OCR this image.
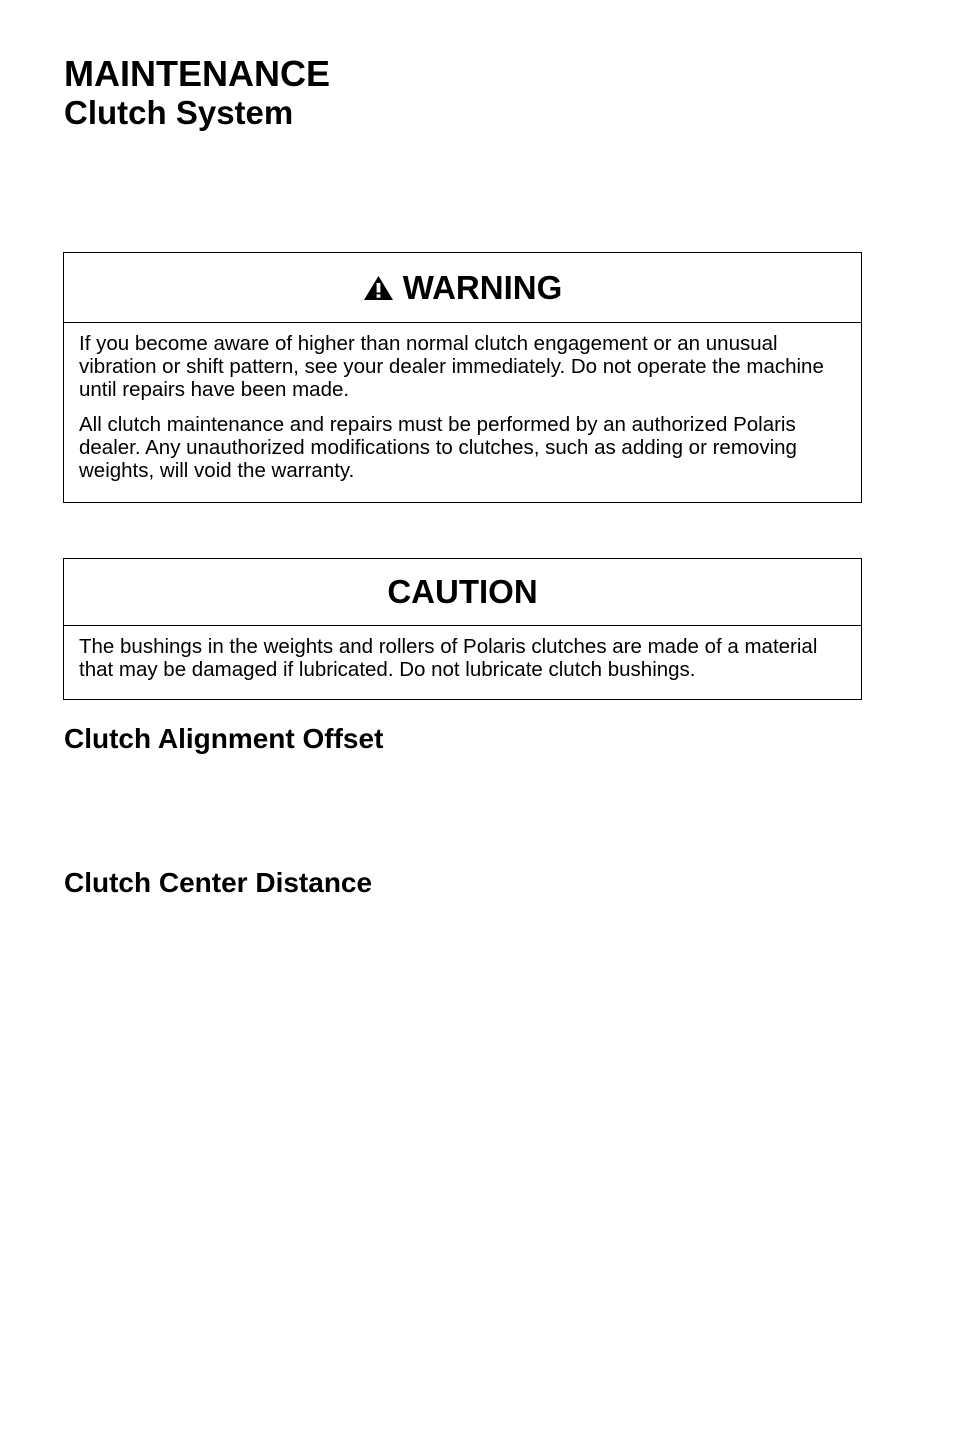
MAINTENANCE
Clutch System
WARNING

If you become aware of higher than normal clutch engagement or an unusual vibration or shift pattern, see your dealer immediately. Do not operate the machine until repairs have been made.

All clutch maintenance and repairs must be performed by an authorized Polaris dealer. Any unauthorized modifications to clutches, such as adding or removing weights, will void the warranty.

CAUTION

The bushings in the weights and rollers of Polaris clutches are made of a material that may be damaged if lubricated. Do not lubricate clutch bushings.

Clutch Alignment Offset
Clutch Center Distance
